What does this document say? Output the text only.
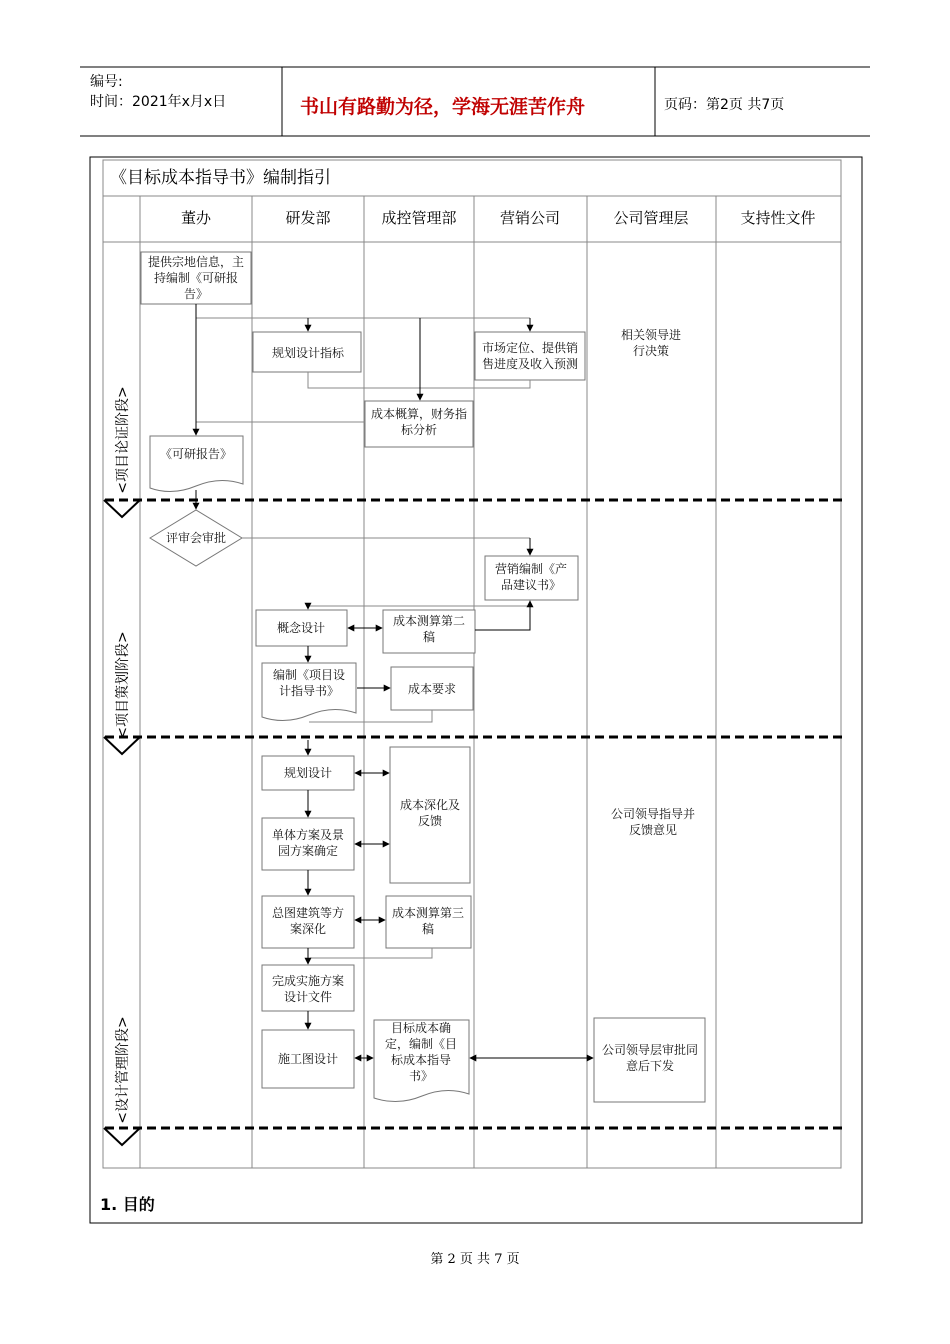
编号:
时间：2021年x月x日	书山有路勤为径，学海无涯苦作舟	页码：第2页 共7页
《目标成本指导书》编制指引
董办	研发部	成控管理部	营销公司	公司管理层	支持性文件
<项目论证阶段>
<项目策划阶段>
<设计管理阶段>
提供宗地信息，主持编制《可研报告》
规划设计指标	市场定位、提供销售进度及收入预测
相关领导进行决策
成本概算，财务指标分析
《可研报告》
评审会审批
营销编制《产品建议书》
概念设计	成本测算第二稿
编制《项目设计指导书》	成本要求
规划设计
成本深化及反馈	公司领导指导并反馈意见
单体方案及景园方案确定
总图建筑等方案深化
成本测算第三稿
完成实施方案设计文件
施工图设计
目标成本确定，编制《目标成本指导书》
公司领导层审批同意后下发
1. 目的
第 2 页 共 7 页
